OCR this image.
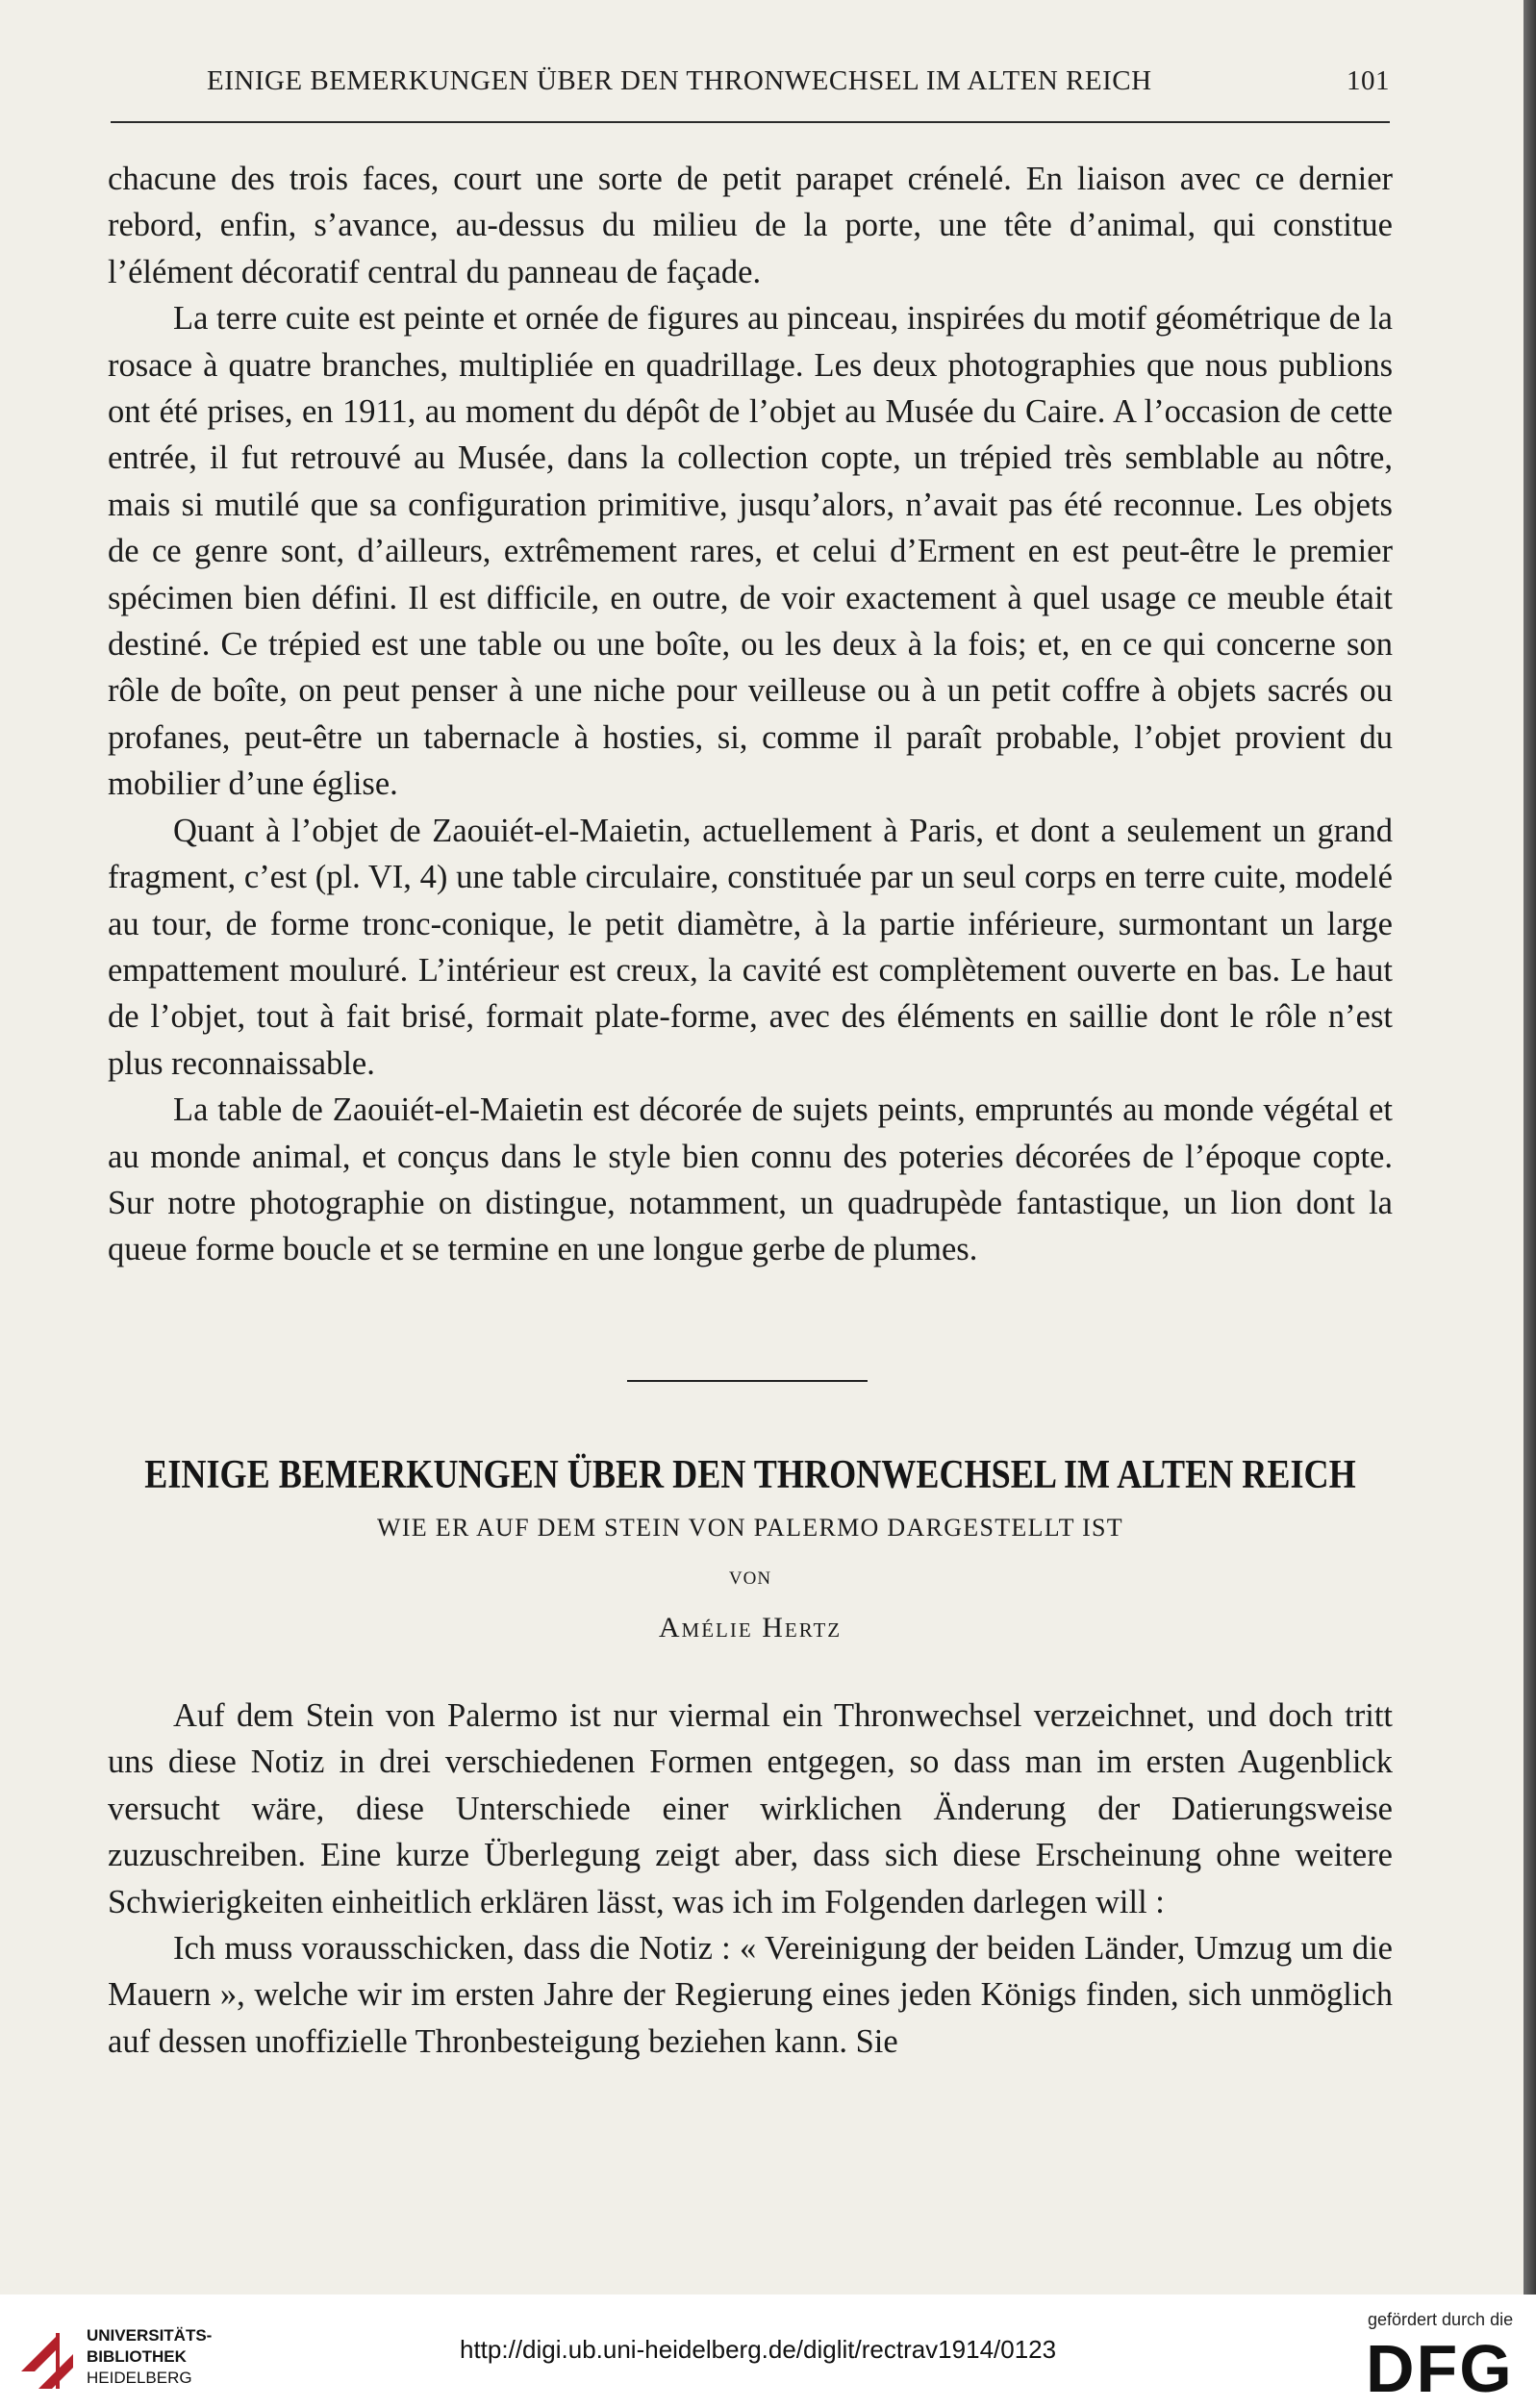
EINIGE BEMERKUNGEN ÜBER DEN THRONWECHSEL IM ALTEN REICH	101

chacune des trois faces, court une sorte de petit parapet crénelé. En liaison avec ce dernier rebord, enfin, s’avance, au-dessus du milieu de la porte, une tête d’animal, qui constitue l’élément décoratif central du panneau de façade.

La terre cuite est peinte et ornée de figures au pinceau, inspirées du motif géométrique de la rosace à quatre branches, multipliée en quadrillage. Les deux photographies que nous publions ont été prises, en 1911, au moment du dépôt de l’objet au Musée du Caire. A l’occasion de cette entrée, il fut retrouvé au Musée, dans la collection copte, un trépied très semblable au nôtre, mais si mutilé que sa configuration primitive, jusqu’alors, n’avait pas été reconnue. Les objets de ce genre sont, d’ailleurs, extrêmement rares, et celui d’Erment en est peut-être le premier spécimen bien défini. Il est difficile, en outre, de voir exactement à quel usage ce meuble était destiné. Ce trépied est une table ou une boîte, ou les deux à la fois; et, en ce qui concerne son rôle de boîte, on peut penser à une niche pour veilleuse ou à un petit coffre à objets sacrés ou profanes, peut-être un tabernacle à hosties, si, comme il paraît probable, l’objet provient du mobilier d’une église.

Quant à l’objet de Zaouiét-el-Maietin, actuellement à Paris, et dont a seulement un grand fragment, c’est (pl. VI, 4) une table circulaire, constituée par un seul corps en terre cuite, modelé au tour, de forme tronc-conique, le petit diamètre, à la partie inférieure, surmontant un large empattement mouluré. L’intérieur est creux, la cavité est complètement ouverte en bas. Le haut de l’objet, tout à fait brisé, formait plate-forme, avec des éléments en saillie dont le rôle n’est plus reconnaissable.

La table de Zaouiét-el-Maietin est décorée de sujets peints, empruntés au monde végétal et au monde animal, et conçus dans le style bien connu des poteries décorées de l’époque copte. Sur notre photographie on distingue, notamment, un quadrupède fantastique, un lion dont la queue forme boucle et se termine en une longue gerbe de plumes.

EINIGE BEMERKUNGEN ÜBER DEN THRONWECHSEL IM ALTEN REICH
WIE ER AUF DEM STEIN VON PALERMO DARGESTELLT IST
VON
Amélie Hertz

Auf dem Stein von Palermo ist nur viermal ein Thronwechsel verzeichnet, und doch tritt uns diese Notiz in drei verschiedenen Formen entgegen, so dass man im ersten Augenblick versucht wäre, diese Unterschiede einer wirklichen Änderung der Datierungsweise zuzuschreiben. Eine kurze Überlegung zeigt aber, dass sich diese Erscheinung ohne weitere Schwierigkeiten einheitlich erklären lässt, was ich im Folgenden darlegen will :

Ich muss vorausschicken, dass die Notiz : « Vereinigung der beiden Länder, Umzug um die Mauern », welche wir im ersten Jahre der Regierung eines jeden Königs finden, sich unmöglich auf dessen unoffizielle Thronbesteigung beziehen kann. Sie

UNIVERSITÄTS-
BIBLIOTHEK
HEIDELBERG
http://digi.ub.uni-heidelberg.de/diglit/rectrav1914/0123
gefördert durch die
DFG
